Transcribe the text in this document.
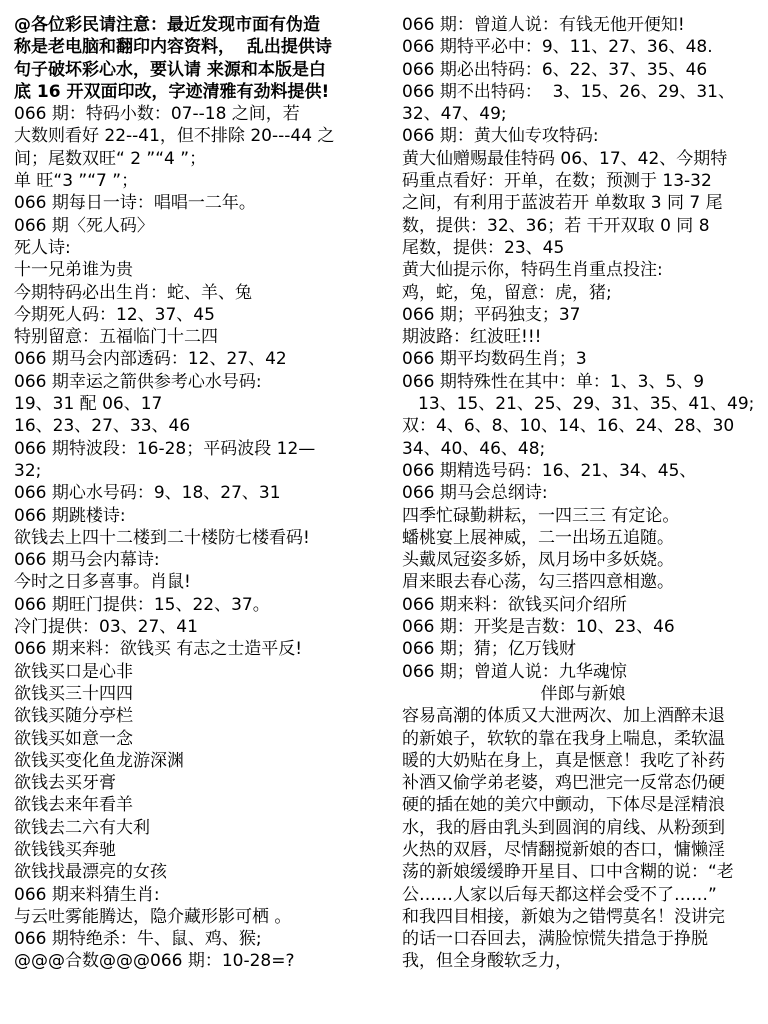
@各位彩民请注意：最近发现市面有伪造
称是老电脑和翻印内容资料，  乱出提供诗
句子破坏彩心水，要认请 来源和本版是白
底 16 开双面印改，字迹清雅有劲料提供!
066 期：特码小数：07--18 之间，若
大数则看好 22--41，但不排除 20---44 之
间；尾数双旺“ 2 ”“4 ”；
单 旺“3 ”“7 ”；
066 期每日一诗：唱唱一二年。
066 期〈死人码〉
死人诗:
十一兄弟谁为贵
今期特码必出生肖：蛇、羊、兔
今期死人码：12、37、45
特别留意：五福临门十二四
066 期马会内部透码：12、27、42
066 期幸运之箭供参考心水号码:
19、31 配 06、17
16、23、27、33、46
066 期特波段：16-28；平码波段 12—
32;
066 期心水号码：9、18、27、31
066 期跳楼诗:
欲钱去上四十二楼到二十楼防七楼看码!
066 期马会内幕诗:
今时之日多喜事。肖鼠!
066 期旺门提供：15、22、37。
冷门提供：03、27、41
066 期来料：欲钱买 有志之士造平反!
欲钱买口是心非
欲钱买三十四四
欲钱买随分亭栏
欲钱买如意一念
欲钱买变化鱼龙游深渊
欲钱去买牙膏
欲钱去来年看羊
欲钱去二六有大利
欲钱钱买奔驰
欲钱找最漂亮的女孩
066 期来料猜生肖:
与云吐雾能腾达，隐介藏形影可栖 。
066 期特绝杀：牛、鼠、鸡、猴;
@@@合数@@@066 期：10-28=?
066 期：曾道人说：有钱无他开便知!
066 期特平必中：9、11、27、36、48.
066 期必出特码：6、22、37、35、46
066 期不出特码：  3、15、26、29、31、
32、47、49;
066 期：黄大仙专攻特码:
黄大仙赠赐最佳特码 06、17、42、今期特
码重点看好：开单，在数；预测于 13-32
之间，有利用于蓝波若开 单数取 3 同 7 尾
数，提供：32、36；若 干开双取 0 同 8
尾数，提供：23、45
黄大仙提示你，特码生肖重点投注:
鸡，蛇，兔，留意：虎，猪;
066 期；平码独支；37
期波路：红波旺!!!
066 期平均数码生肖；3
066 期特殊性在其中：单：1、3、5、9
13、15、21、25、29、31、35、41、49;
双：4、6、8、10、14、16、24、28、30
34、40、46、48;
066 期精选号码：16、21、34、45、
066 期马会总纲诗:
四季忙碌勤耕耘，一四三三 有定论。
蟠桃宴上展神威，二一出场五追随。
头戴凤冠姿多娇，凤月场中多妖娆。
眉来眼去春心荡，勾三搭四意相邀。
066 期来料：欲钱买问介绍所
066 期：开奖是吉数：10、23、46
066 期；猜；亿万钱财
066 期；曾道人说：九华魂惊
伴郎与新娘
容易高潮的体质又大泄两次、加上酒醉未退
的新娘子，软软的靠在我身上喘息，柔软温
暖的大奶贴在身上，真是惬意！我吃了补药
补酒又偷学弟老婆，鸡巴泄完一反常态仍硬
硬的插在她的美穴中颤动，下体尽是淫精浪
水，我的唇由乳头到圆润的肩线、从粉颈到
火热的双唇，尽情翻搅新娘的杏口，慵懒淫
荡的新娘缓缓睁开星目、口中含糊的说：“老
公……人家以后每天都这样会受不了……”
和我四目相接，新娘为之错愕莫名！没讲完
的话一口吞回去，满脸惊慌失措急于挣脱
我，但全身酸软乏力，
